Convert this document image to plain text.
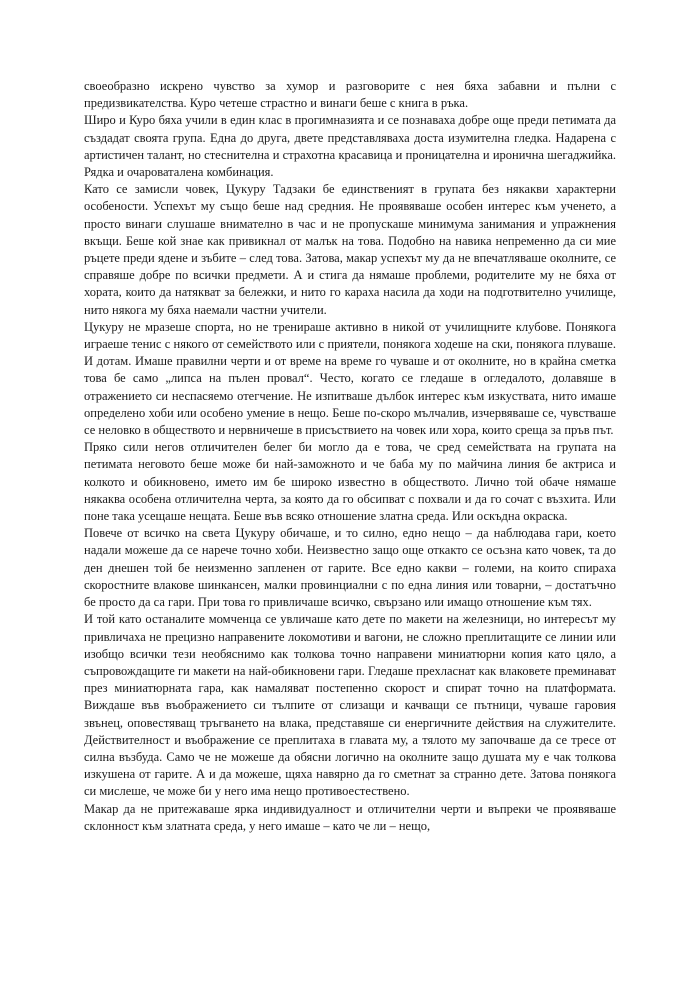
своеобразно искрено чувство за хумор и разговорите с нея бяха забавни и пълни с предизвикателства. Куро четеше страстно и винаги беше с книга в ръка.

Широ и Куро бяха учили в един клас в прогимназията и се познаваха добре още преди петимата да създадат своята група. Една до друга, двете представляваха доста изумителна гледка. Надарена с артистичен талант, но стеснителна и страхотна красавица и проницателна и иронична шегаджийка. Рядка и очароваталена комбинация.

Като се замисли човек, Цукуру Тадзаки бе единственият в групата без някакви характерни особености. Успехът му също беше над средния. Не проявяваше особен интерес към ученето, а просто винаги слушаше внимателно в час и не пропускаше минимума занимания и упражнения вкъщи. Беше кой знае как привикнал от малък на това. Подобно на навика непременно да си мие ръцете преди ядене и зъбите – след това. Затова, макар успехът му да не впечатляваше околните, се справяше добре по всички предмети. А и стига да нямаше проблеми, родителите му не бяха от хората, които да натякват за бележки, и нито го караха насила да ходи на подготвително училище, нито някога му бяха наемали частни учители.

Цукуру не мразеше спорта, но не тренираше активно в никой от училищните клубове. Понякога играеше тенис с някого от семейството или с приятели, понякога ходеше на ски, понякога плуваше. И дотам. Имаше правилни черти и от време на време го чуваше и от околните, но в крайна сметка това бе само „липса на пълен провал“. Често, когато се гледаше в огледалото, долавяше в отражението си неспасяемо отегчение. Не изпитваше дълбок интерес към изкуствата, нито имаше определено хоби или особено умение в нещо. Беше по-скоро мълчалив, изчервяваше се, чувстваше се неловко в обществото и нервничеше в присъствието на човек или хора, които среща за пръв път.

Пряко сили негов отличителен белег би могло да е това, че сред семействата на групата на петимата неговото беше може би най-заможното и че баба му по майчина линия бе актриса и колкото и обикновено, името им бе широко известно в обществото. Лично той обаче нямаше някаква особена отличителна черта, за която да го обсипват с похвали и да го сочат с възхита. Или поне така усещаше нещата. Беше във всяко отношение златна среда. Или оскъдна окраска.

Повече от всичко на света Цукуру обичаше, и то силно, едно нещо – да наблюдава гари, което надали можеше да се нарече точно хоби. Неизвестно защо още откакто се осъзна като човек, та до ден днешен той бе неизменно запленен от гарите. Все едно какви – големи, на които спираха скоростните влакове шинкансен, малки провинциални с по една линия или товарни, – достатъчно бе просто да са гари. При това го привличаше всичко, свързано или имащо отношение към тях.

И той като останалите момченца се увличаше като дете по макети на железници, но интересът му привличаха не прецизно направените локомотиви и вагони, не сложно преплитащите се линии или изобщо всички тези необяснимо как толкова точно направени миниатюрни копия като цяло, а съпровождащите ги макети на най-обикновени гари. Гледаше прехласнат как влаковете преминават през миниатюрната гара, как намаляват постепенно скорост и спират точно на платформата. Виждаше във въображението си тълпите от слизащи и качващи се пътници, чуваше гаровия звънец, оповестяващ тръгването на влака, представяше си енергичните действия на служителите. Действителност и въображение се преплитаха в главата му, а тялото му започваше да се тресе от силна възбуда. Само че не можеше да обясни логично на околните защо душата му е чак толкова изкушена от гарите. А и да можеше, щяха навярно да го сметнат за странно дете. Затова понякога си мислеше, че може би у него има нещо противоестествено.

Макар да не притежаваше ярка индивидуалност и отличителни черти и въпреки че проявяваше склонност към златната среда, у него имаше – като че ли – нещо,
